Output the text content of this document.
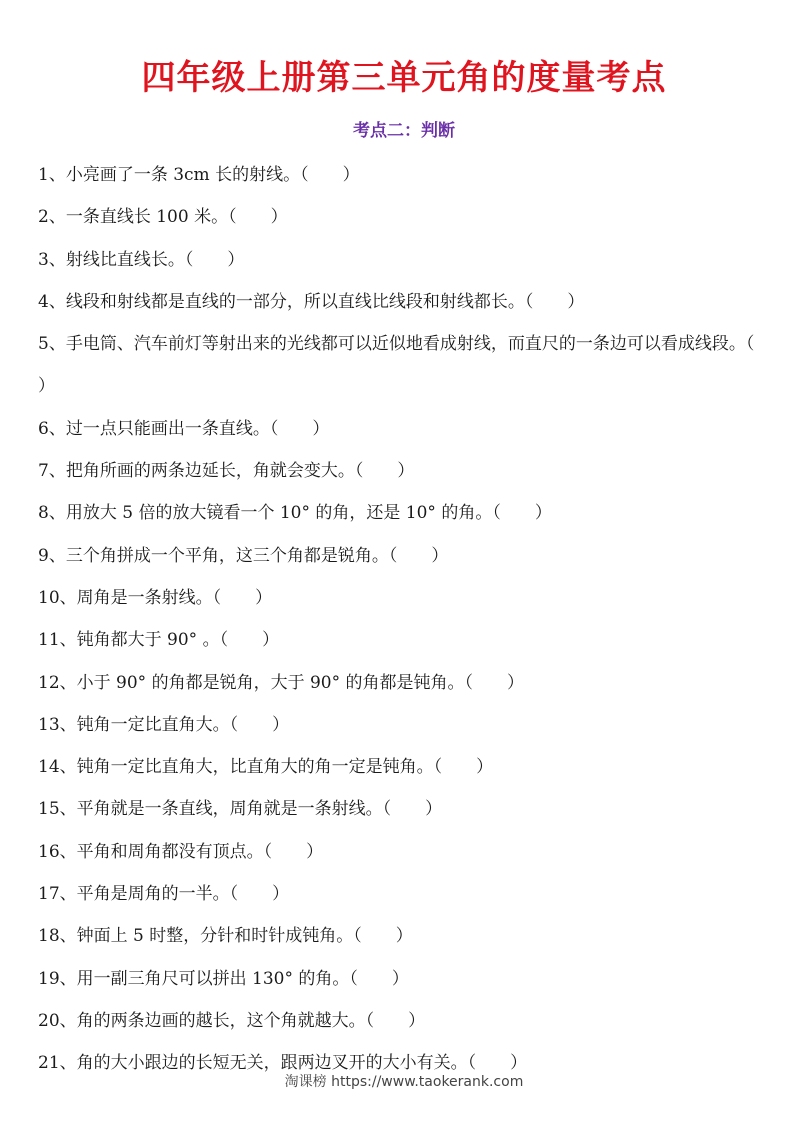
四年级上册第三单元角的度量考点
考点二：判断
1、小亮画了一条 3cm 长的射线。（　　）
2、一条直线长 100 米。（　　）
3、射线比直线长。（　　）
4、线段和射线都是直线的一部分，所以直线比线段和射线都长。（　　）
5、手电筒、汽车前灯等射出来的光线都可以近似地看成射线，而直尺的一条边可以看成线段。（　　）
6、过一点只能画出一条直线。（　　）
7、把角所画的两条边延长，角就会变大。（　　）
8、用放大 5 倍的放大镜看一个 10° 的角，还是 10° 的角。（　　）
9、三个角拼成一个平角，这三个角都是锐角。（　　）
10、周角是一条射线。（　　）
11、钝角都大于 90° 。（　　）
12、小于 90° 的角都是锐角，大于 90° 的角都是钝角。（　　）
13、钝角一定比直角大。（　　）
14、钝角一定比直角大，比直角大的角一定是钝角。（　　）
15、平角就是一条直线，周角就是一条射线。（　　）
16、平角和周角都没有顶点。（　　）
17、平角是周角的一半。（　　）
18、钟面上 5 时整，分针和时针成钝角。（　　）
19、用一副三角尺可以拼出 130° 的角。（　　）
20、角的两条边画的越长，这个角就越大。（　　）
21、角的大小跟边的长短无关，跟两边叉开的大小有关。（　　）
淘课榜 https://www.taokerank.com
